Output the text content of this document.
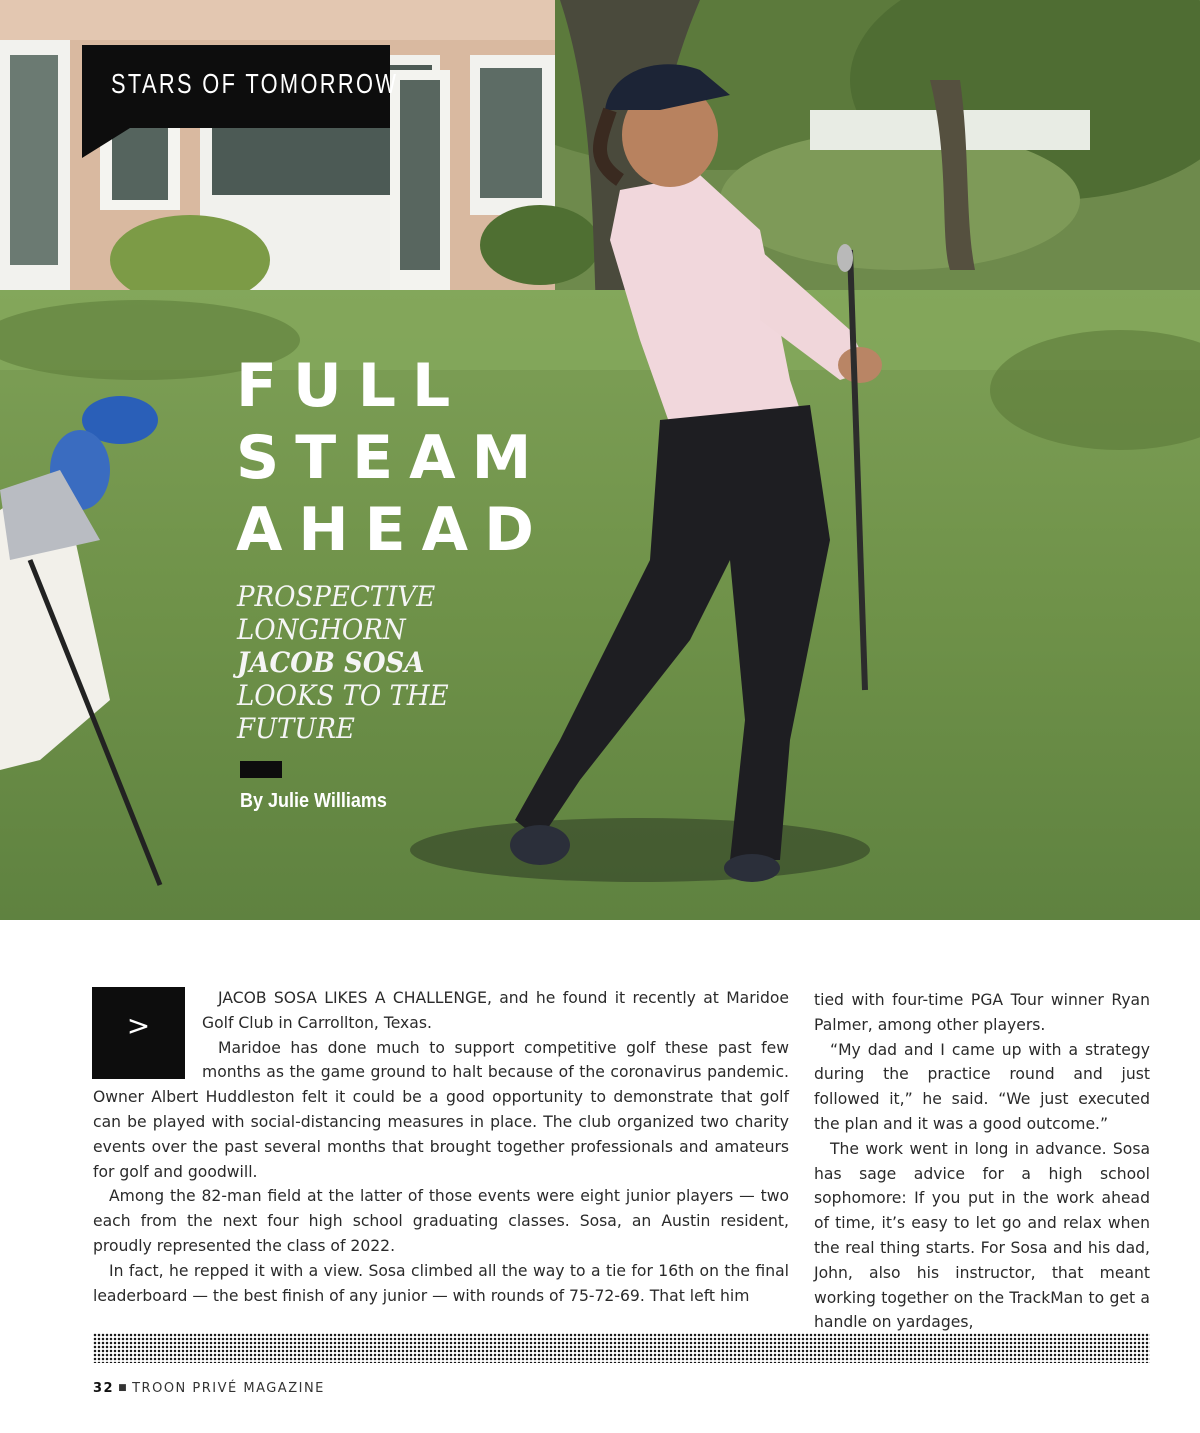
STARS OF TOMORROW
FULL
STEAM
AHEAD
PROSPECTIVE
LONGHORN
JACOB SOSA
LOOKS TO THE
FUTURE
By Julie Williams
>

JACOB SOSA LIKES A CHALLENGE, and he found it recently at Maridoe Golf Club in Carrollton, Texas.

Maridoe has done much to support competitive golf these past few months as the game ground to halt because of the coronavirus pandemic. Owner Albert Huddleston felt it could be a good opportunity to demonstrate that golf can be played with social-distancing measures in place. The club organized two charity events over the past several months that brought together professionals and amateurs for golf and goodwill.

Among the 82-man field at the latter of those events were eight junior players — two each from the next four high school graduating classes. Sosa, an Austin resident, proudly represented the class of 2022.

In fact, he repped it with a view. Sosa climbed all the way to a tie for 16th on the final leaderboard — the best finish of any junior — with rounds of 75-72-69. That left him

tied with four-time PGA Tour winner Ryan Palmer, among other players.

“My dad and I came up with a strategy during the practice round and just followed it,” he said. “We just executed the plan and it was a good outcome.”

The work went in long in advance. Sosa has sage advice for a high school sophomore: If you put in the work ahead of time, it’s easy to let go and relax when the real thing starts. For Sosa and his dad, John, also his instructor, that meant working together on the TrackMan to get a handle on yardages,

32 ■ TROON PRIVÉ MAGAZINE
